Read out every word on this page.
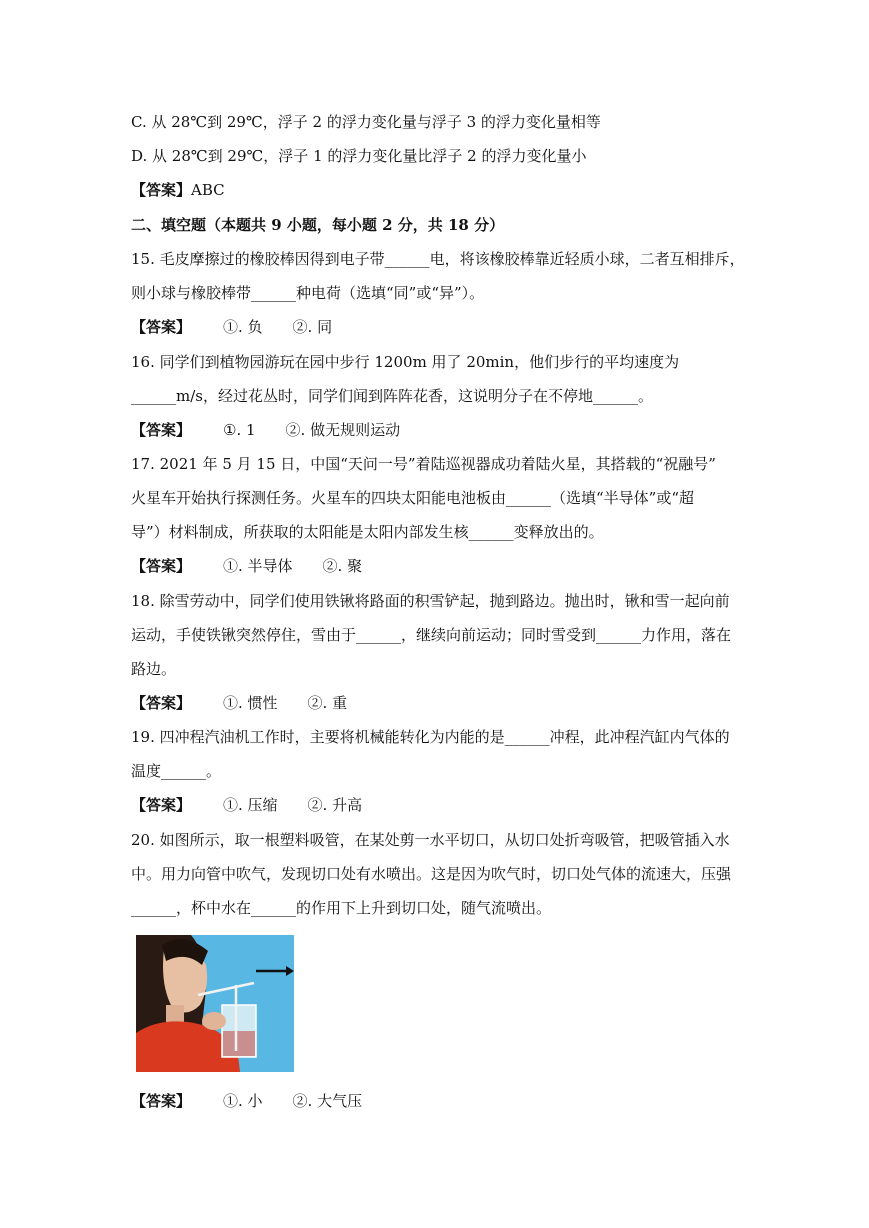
C. 从 28℃到 29℃，浮子 2 的浮力变化量与浮子 3 的浮力变化量相等
D. 从 28℃到 29℃，浮子 1 的浮力变化量比浮子 2 的浮力变化量小
【答案】ABC
二、填空题（本题共 9 小题，每小题 2 分，共 18 分）
15. 毛皮摩擦过的橡胶棒因得到电子带______电，将该橡胶棒靠近轻质小球，二者互相排斥，
则小球与橡胶棒带______种电荷（选填“同”或“异”）。
【答案】 ①. 负 ②. 同
16. 同学们到植物园游玩在园中步行 1200m 用了 20min，他们步行的平均速度为
______m/s，经过花丛时，同学们闻到阵阵花香，这说明分子在不停地______。
【答案】 ①. 1 ②. 做无规则运动
17. 2021 年 5 月 15 日，中国“天问一号”着陆巡视器成功着陆火星，其搭载的“祝融号”
火星车开始执行探测任务。火星车的四块太阳能电池板由______（选填“半导体”或“超
导”）材料制成，所获取的太阳能是太阳内部发生核______变释放出的。
【答案】 ①. 半导体 ②. 聚
18. 除雪劳动中，同学们使用铁锹将路面的积雪铲起，抛到路边。抛出时，锹和雪一起向前
运动，手使铁锹突然停住，雪由于______，继续向前运动；同时雪受到______力作用，落在
路边。
【答案】 ①. 惯性 ②. 重
19. 四冲程汽油机工作时，主要将机械能转化为内能的是______冲程，此冲程汽缸内气体的
温度______。
【答案】 ①. 压缩 ②. 升高
20. 如图所示，取一根塑料吸管，在某处剪一水平切口，从切口处折弯吸管，把吸管插入水
中。用力向管中吹气，发现切口处有水喷出。这是因为吹气时，切口处气体的流速大，压强
______，杯中水在______的作用下上升到切口处，随气流喷出。
【答案】 ①. 小 ②. 大气压
